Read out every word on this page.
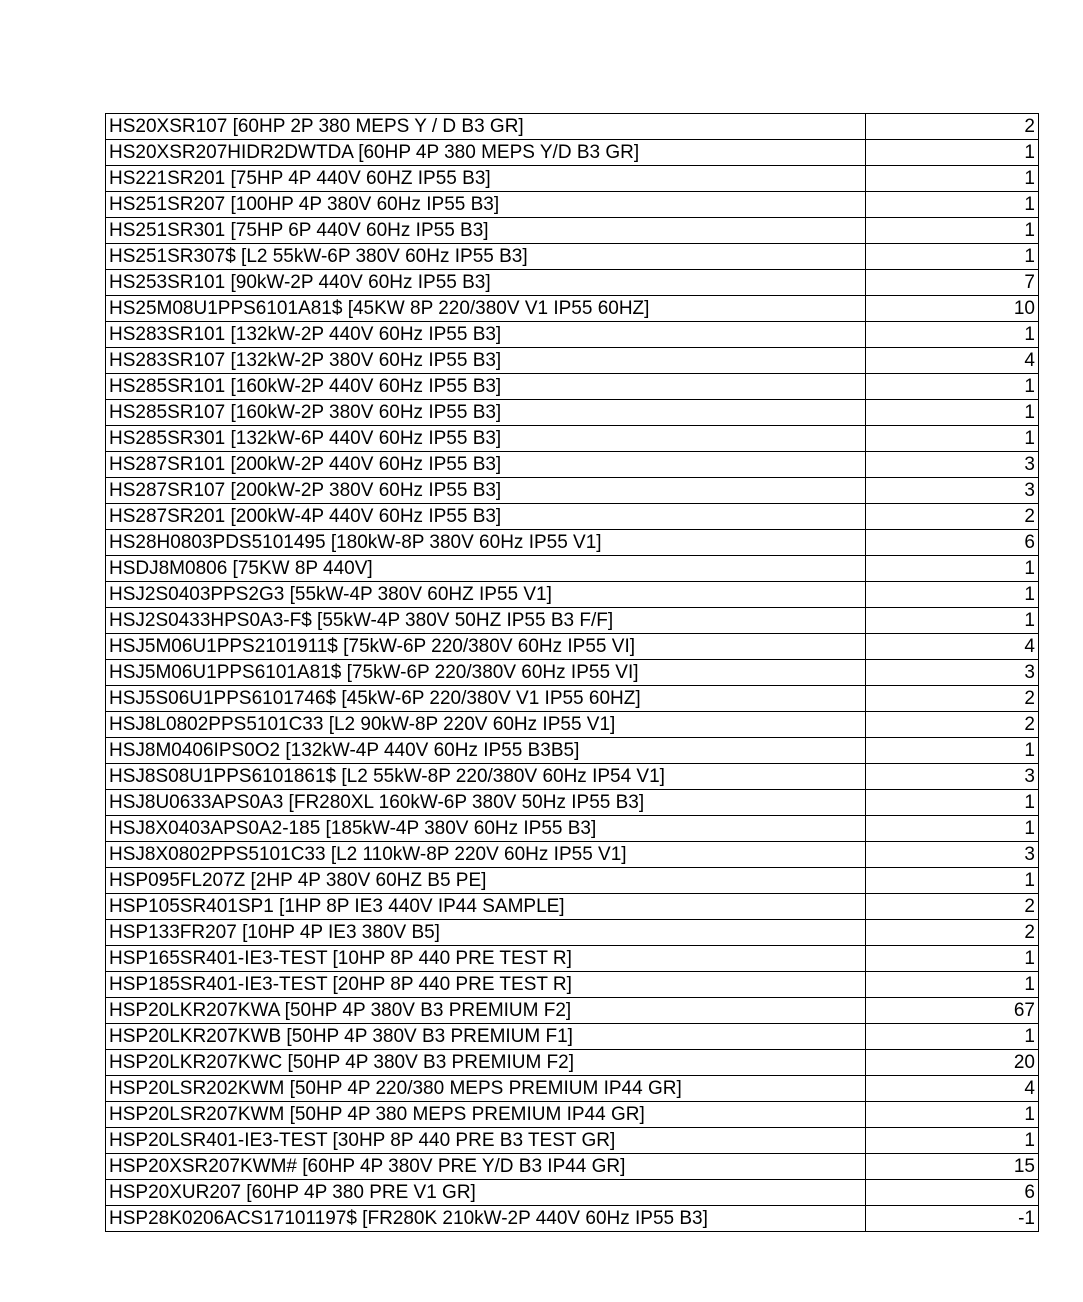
HS20XSR107 [60HP 2P 380 MEPS Y / D B3 GR]	2
HS20XSR207HIDR2DWTDA [60HP 4P 380 MEPS Y/D B3 GR]	1
HS221SR201 [75HP 4P 440V 60HZ IP55 B3]	1
HS251SR207 [100HP 4P 380V 60Hz IP55 B3]	1
HS251SR301 [75HP 6P 440V 60Hz IP55 B3]	1
HS251SR307$ [L2 55kW-6P 380V 60Hz IP55 B3]	1
HS253SR101 [90kW-2P 440V 60Hz IP55 B3]	7
HS25M08U1PPS6101A81$ [45KW 8P 220/380V V1 IP55 60HZ]	10
HS283SR101 [132kW-2P 440V 60Hz IP55 B3]	1
HS283SR107 [132kW-2P 380V 60Hz IP55 B3]	4
HS285SR101 [160kW-2P 440V 60Hz IP55 B3]	1
HS285SR107 [160kW-2P 380V 60Hz IP55 B3]	1
HS285SR301 [132kW-6P 440V 60Hz IP55 B3]	1
HS287SR101 [200kW-2P 440V 60Hz IP55 B3]	3
HS287SR107 [200kW-2P 380V 60Hz IP55 B3]	3
HS287SR201 [200kW-4P 440V 60Hz IP55 B3]	2
HS28H0803PDS5101495 [180kW-8P 380V 60Hz IP55 V1]	6
HSDJ8M0806 [75KW 8P 440V]	1
HSJ2S0403PPS2G3 [55kW-4P 380V 60HZ IP55 V1]	1
HSJ2S0433HPS0A3-F$ [55kW-4P 380V 50HZ IP55 B3 F/F]	1
HSJ5M06U1PPS2101911$ [75kW-6P 220/380V 60Hz IP55 VI]	4
HSJ5M06U1PPS6101A81$ [75kW-6P 220/380V 60Hz IP55 VI]	3
HSJ5S06U1PPS6101746$ [45kW-6P 220/380V V1 IP55 60HZ]	2
HSJ8L0802PPS5101C33 [L2 90kW-8P 220V 60Hz IP55 V1]	2
HSJ8M0406IPS0O2 [132kW-4P 440V 60Hz IP55 B3B5]	1
HSJ8S08U1PPS6101861$ [L2 55kW-8P 220/380V 60Hz IP54 V1]	3
HSJ8U0633APS0A3 [FR280XL 160kW-6P 380V 50Hz IP55 B3]	1
HSJ8X0403APS0A2-185 [185kW-4P 380V 60Hz IP55 B3]	1
HSJ8X0802PPS5101C33 [L2 110kW-8P 220V 60Hz IP55 V1]	3
HSP095FL207Z [2HP 4P 380V 60HZ B5 PE]	1
HSP105SR401SP1 [1HP 8P IE3 440V IP44 SAMPLE]	2
HSP133FR207 [10HP 4P IE3 380V B5]	2
HSP165SR401-IE3-TEST [10HP 8P 440 PRE TEST R]	1
HSP185SR401-IE3-TEST [20HP 8P 440 PRE TEST R]	1
HSP20LKR207KWA [50HP 4P 380V B3 PREMIUM F2]	67
HSP20LKR207KWB [50HP 4P 380V B3 PREMIUM F1]	1
HSP20LKR207KWC [50HP 4P 380V B3 PREMIUM F2]	20
HSP20LSR202KWM [50HP 4P 220/380 MEPS PREMIUM IP44 GR]	4
HSP20LSR207KWM [50HP 4P 380 MEPS PREMIUM IP44 GR]	1
HSP20LSR401-IE3-TEST [30HP 8P 440 PRE B3 TEST GR]	1
HSP20XSR207KWM# [60HP 4P 380V PRE Y/D B3 IP44 GR]	15
HSP20XUR207 [60HP 4P 380 PRE V1 GR]	6
HSP28K0206ACS17101197$ [FR280K 210kW-2P 440V 60Hz IP55 B3]	-1
